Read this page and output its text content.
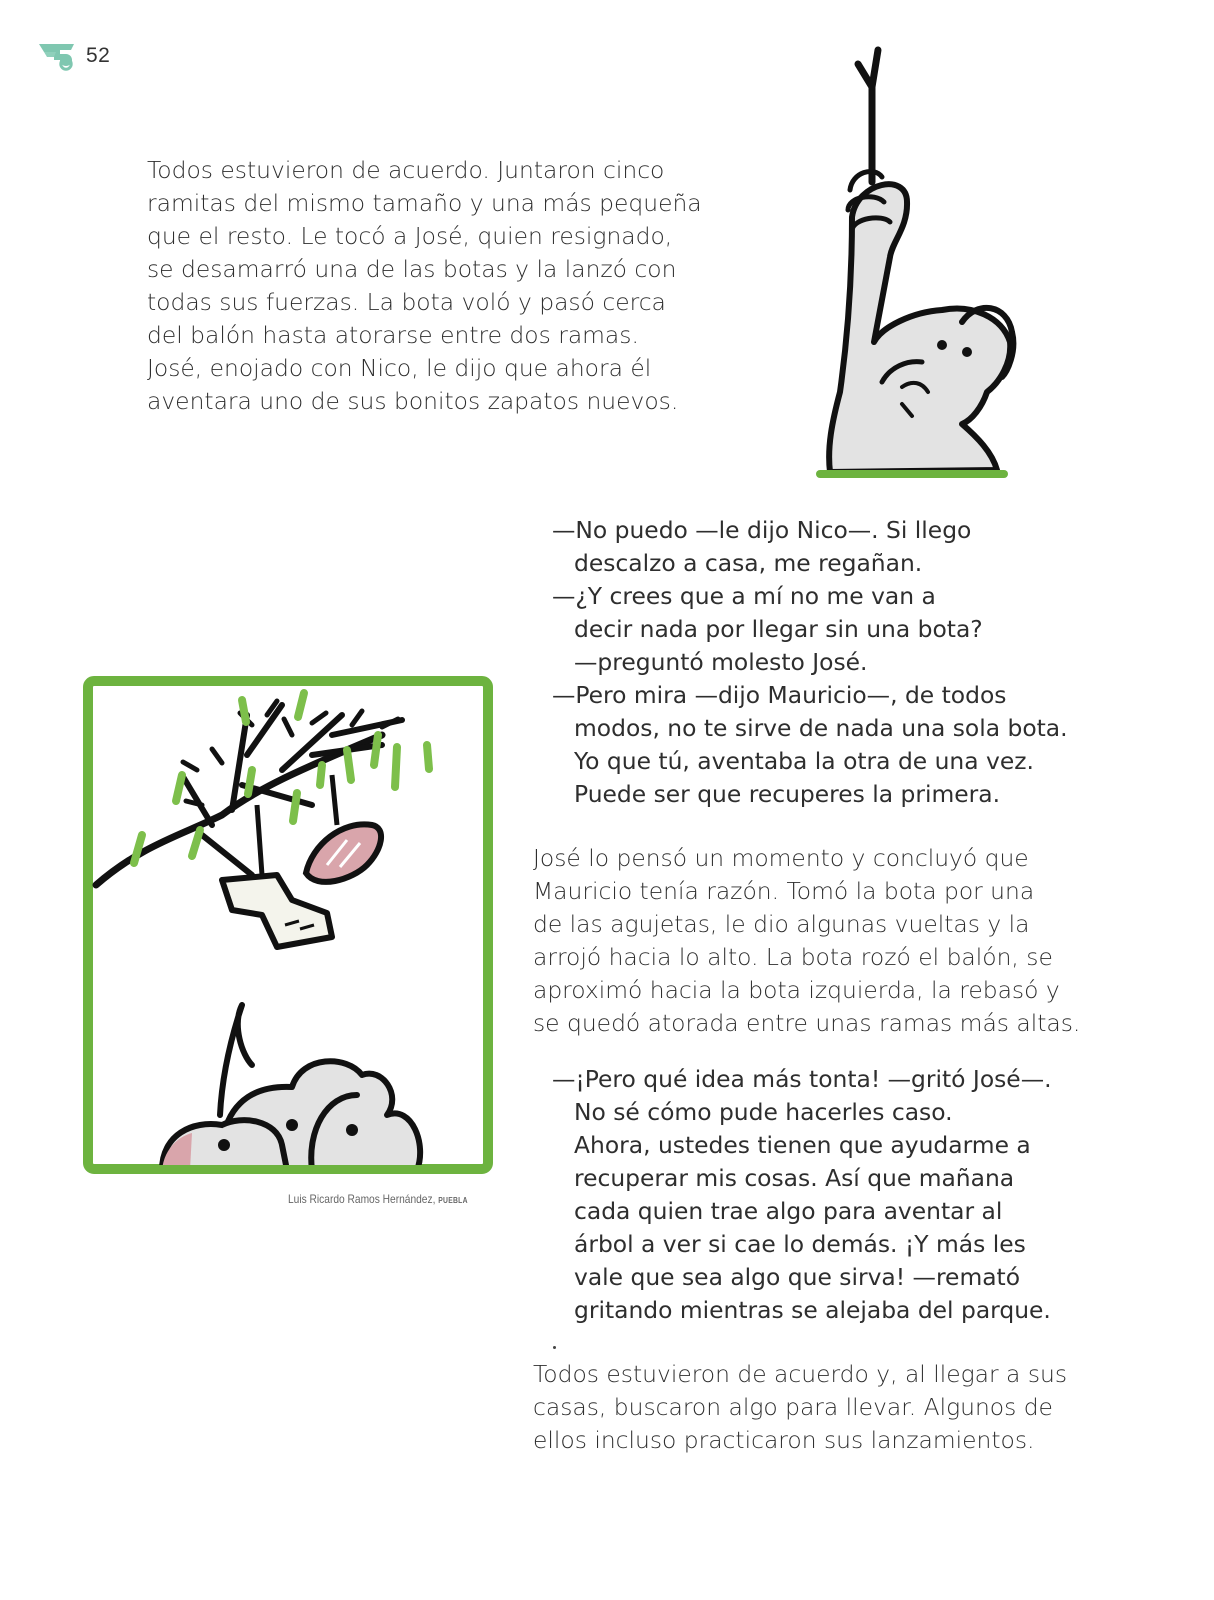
52

Todos estuvieron de acuerdo. Juntaron cinco
ramitas del mismo tamaño y una más pequeña
que el resto. Le tocó a José, quien resignado,
se desamarró una de las botas y la lanzó con
todas sus fuerzas. La bota voló y pasó cerca
del balón hasta atorarse entre dos ramas.
José, enojado con Nico, le dijo que ahora él
aventara uno de sus bonitos zapatos nuevos.

—No puedo —le dijo Nico—. Si llego
descalzo a casa, me regañan.
—¿Y crees que a mí no me van a
decir nada por llegar sin una bota?
—preguntó molesto José.
—Pero mira —dijo Mauricio—, de todos
modos, no te sirve de nada una sola bota.
Yo que tú, aventaba la otra de una vez.
Puede ser que recuperes la primera.
Luis Ricardo Ramos Hernández, PUEBLA

José lo pensó un momento y concluyó que
Mauricio tenía razón. Tomó la bota por una
de las agujetas, le dio algunas vueltas y la
arrojó hacia lo alto. La bota rozó el balón, se
aproximó hacia la bota izquierda, la rebasó y
se quedó atorada entre unas ramas más altas.

—¡Pero qué idea más tonta! —gritó José—.
No sé cómo pude hacerles caso.
Ahora, ustedes tienen que ayudarme a
recuperar mis cosas. Así que mañana
cada quien trae algo para aventar al
árbol a ver si cae lo demás. ¡Y más les
vale que sea algo que sirva! —remató
gritando mientras se alejaba del parque.

Todos estuvieron de acuerdo y, al llegar a sus
casas, buscaron algo para llevar. Algunos de
ellos incluso practicaron sus lanzamientos.
